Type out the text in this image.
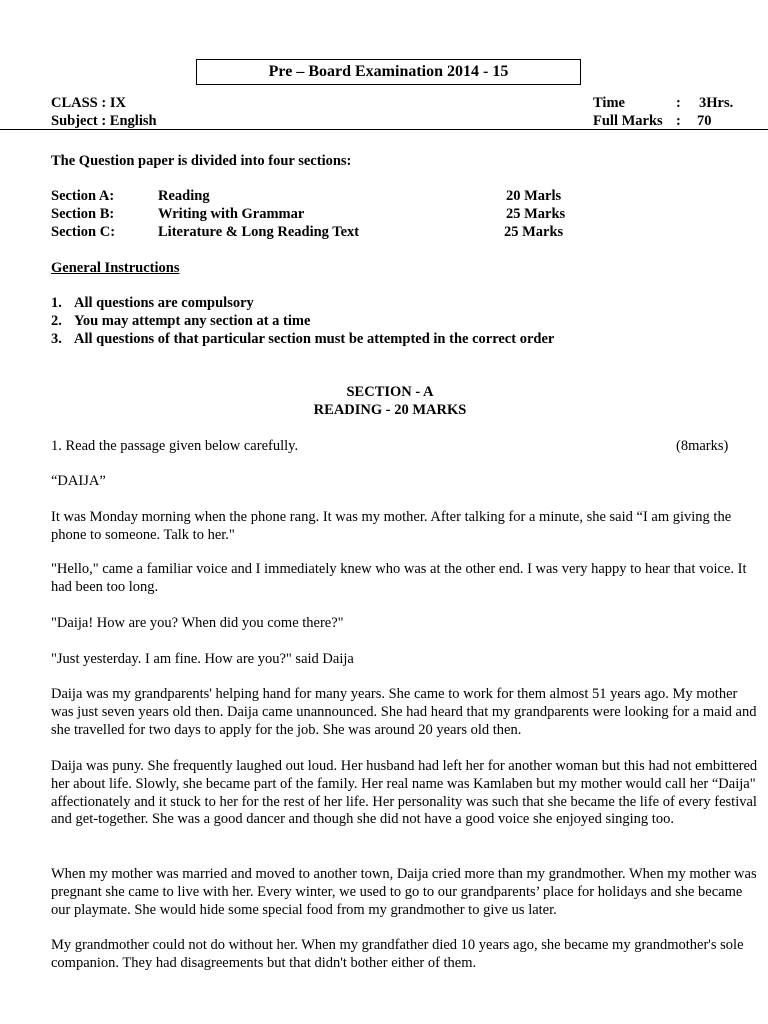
Pre – Board Examination 2014 - 15
CLASS : IX
Subject : English
Time	: 3Hrs.
Full Marks : 70
The Question paper is divided into four sections:
Section A:	Reading	20 Marls
Section B:	Writing with Grammar	25 Marks
Section C:	Literature & Long Reading Text	25 Marks
General Instructions
1. All questions are compulsory
2. You may attempt any section at a time
3. All questions of that particular section must be attempted in the correct order
SECTION - A
READING - 20 MARKS
1. Read the passage given below carefully.	(8marks)
“DAIJA”
It was Monday morning when the phone rang. It was my mother. After talking for a minute, she said “I am giving the phone to someone. Talk to her."
"Hello," came a familiar voice and I immediately knew who was at the other end. I was very happy to hear that voice. It had been too long.
"Daija! How are you? When did you come there?"
"Just yesterday. I am fine. How are you?" said Daija
Daija was my grandparents' helping hand for many years. She came to work for them almost 51 years ago. My mother was just seven years old then. Daija came unannounced. She had heard that my grandparents were looking for a maid and she travelled for two days to apply for the job. She was around 20 years old then.
Daija was puny. She frequently laughed out loud. Her husband had left her for another woman but this had not embittered her about life. Slowly, she became part of the family. Her real name was Kamlaben but my mother would call her “Daija" affectionately and it stuck to her for the rest of her life. Her personality was such that she became the life of every festival and get-together. She was a good dancer and though she did not have a good voice she enjoyed singing too.
When my mother was married and moved to another town, Daija cried more than my grandmother. When my mother was pregnant she came to live with her. Every winter, we used to go to our grandparents’ place for holidays and she became our playmate. She would hide some special food from my grandmother to give us later.
My grandmother could not do without her. When my grandfather died 10 years ago, she became my grandmother's sole companion. They had disagreements but that didn't bother either of them.
